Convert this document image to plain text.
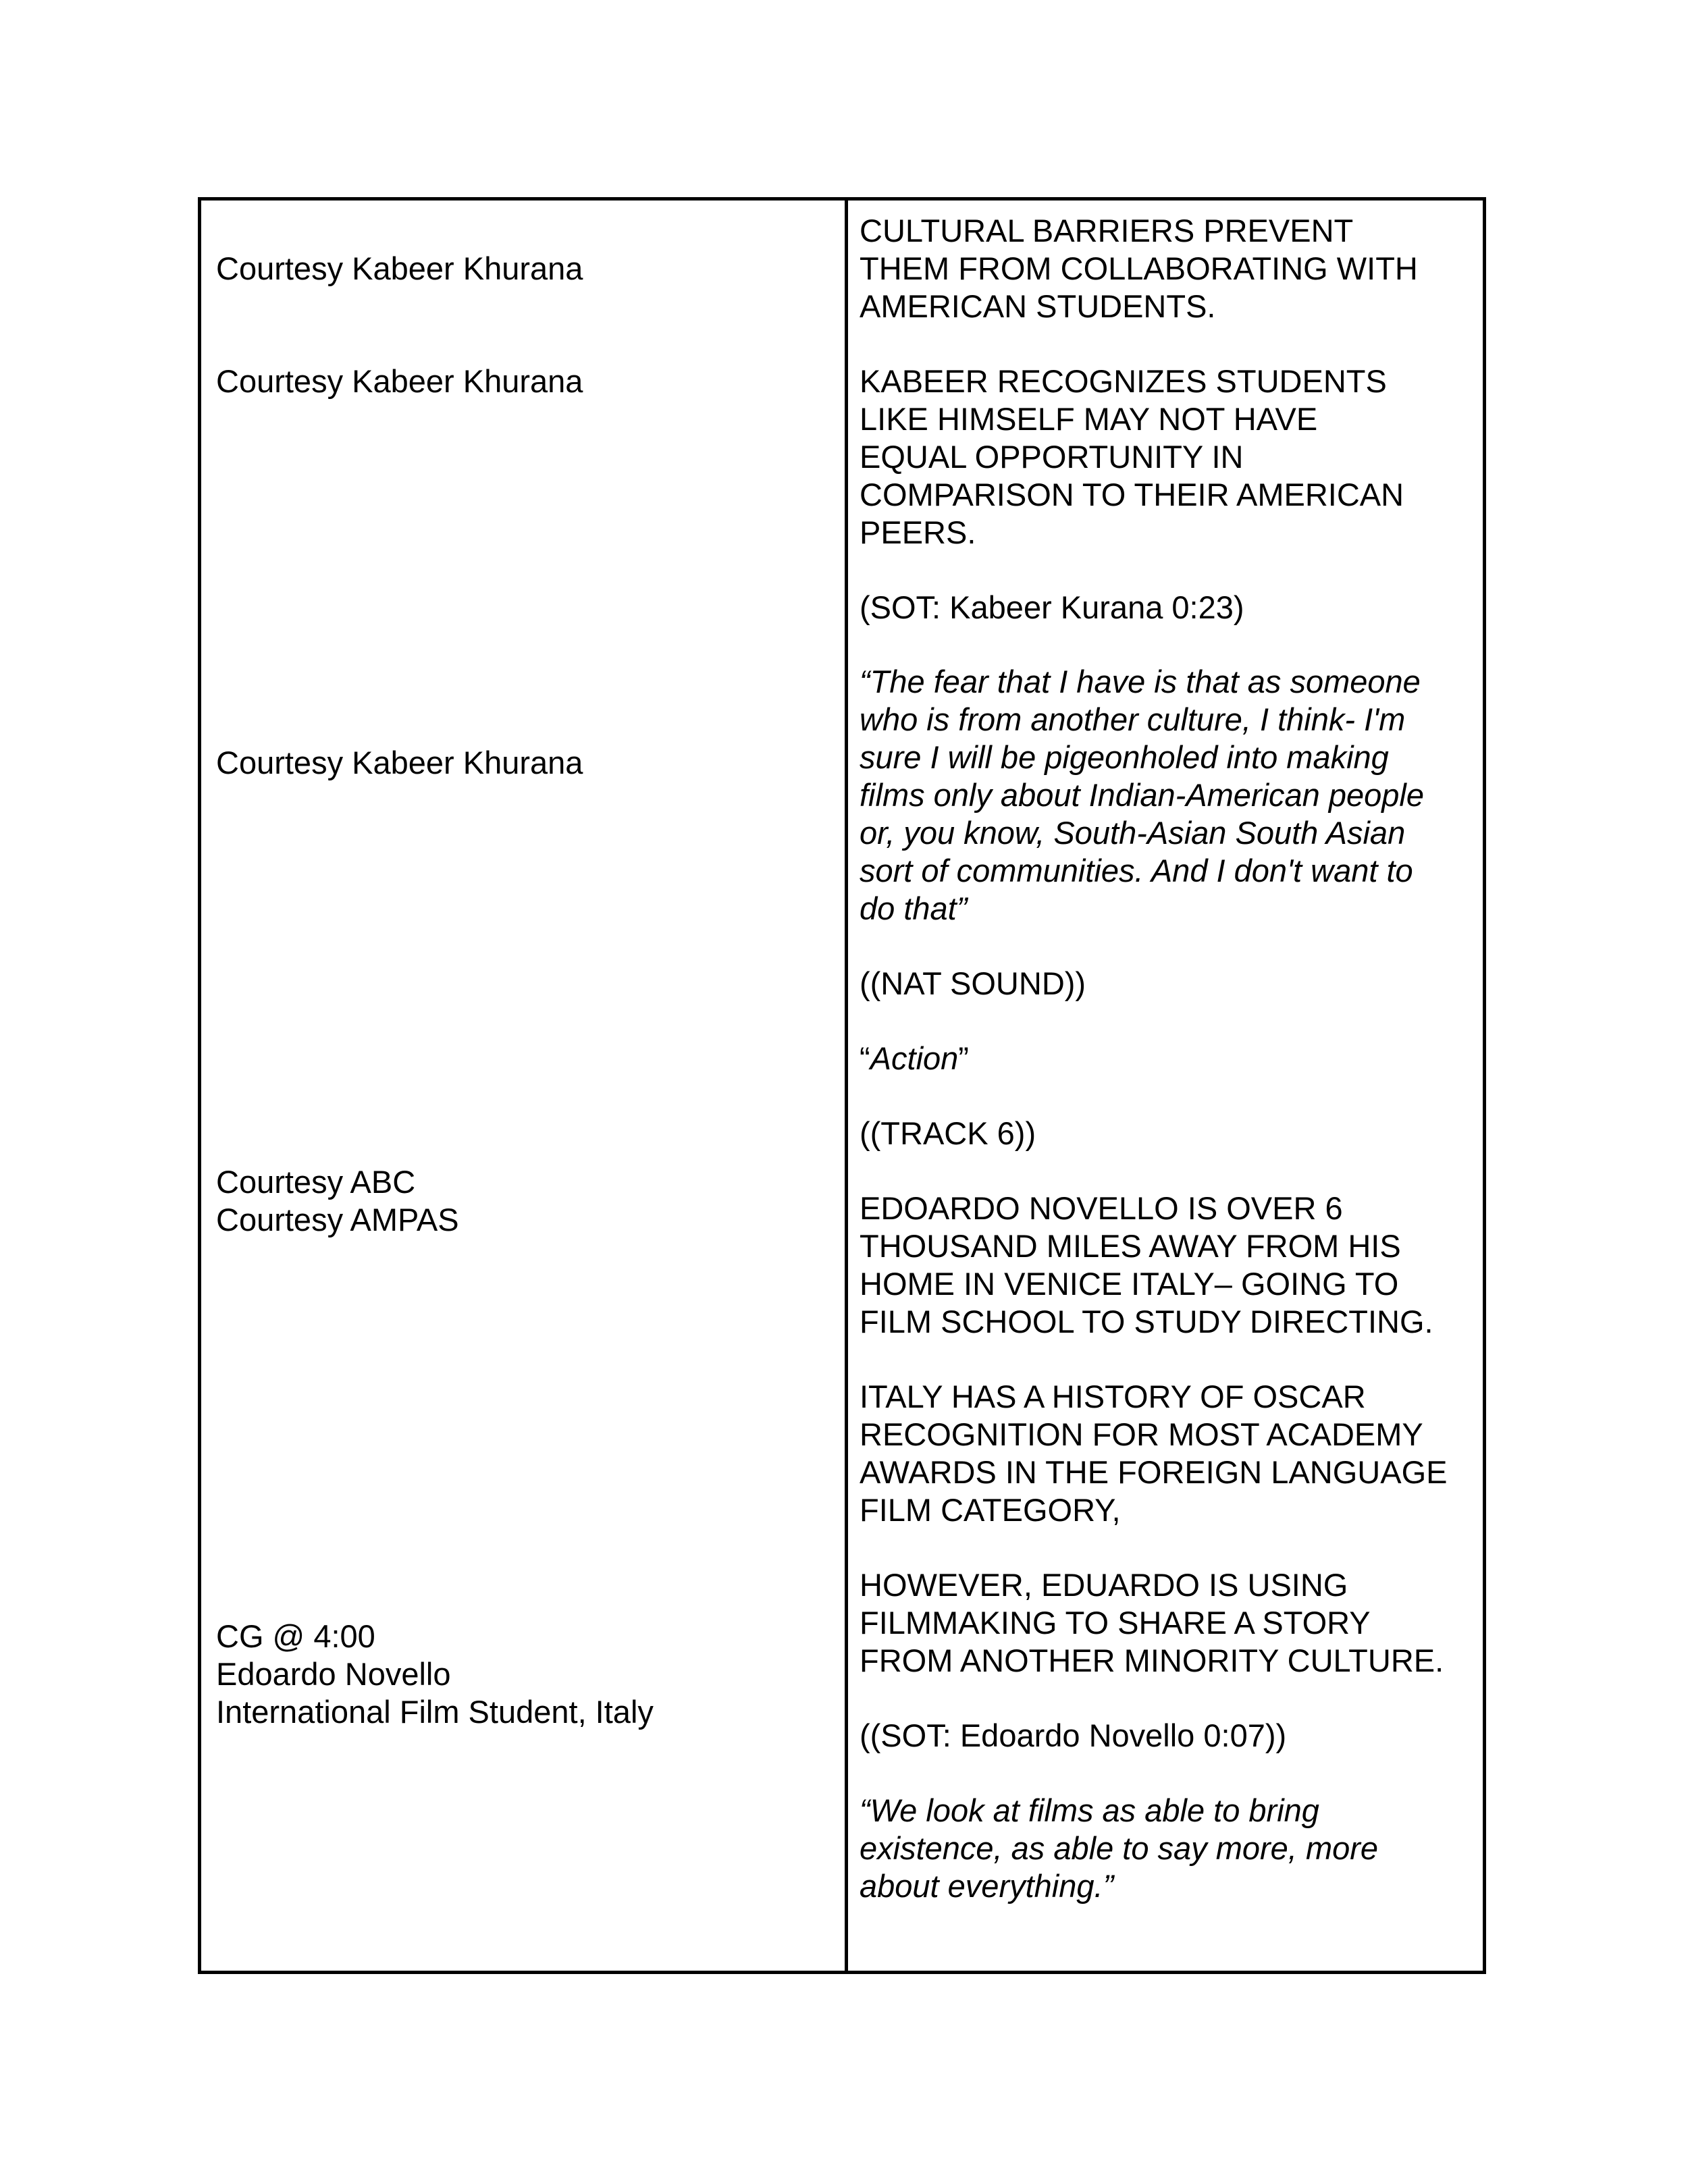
Courtesy Kabeer Khurana

Courtesy Kabeer Khurana

Courtesy Kabeer Khurana

Courtesy ABC

Courtesy AMPAS

CG @ 4:00

Edoardo Novello

International Film Student, Italy

CULTURAL BARRIERS PREVENT

THEM FROM COLLABORATING WITH

AMERICAN STUDENTS.

KABEER RECOGNIZES STUDENTS

LIKE HIMSELF MAY NOT HAVE

EQUAL OPPORTUNITY IN

COMPARISON TO THEIR AMERICAN

PEERS.

(SOT: Kabeer Kurana 0:23)

“The fear that I have is that as someone

who is from another culture, I think- I'm

sure I will be pigeonholed into making

films only about Indian-American people

or, you know, South-Asian South Asian

sort of communities. And I don't want to

do that”

((NAT SOUND))

“Action”

((TRACK 6))

EDOARDO NOVELLO IS OVER 6

THOUSAND MILES AWAY FROM HIS

HOME IN VENICE ITALY– GOING TO

FILM SCHOOL TO STUDY DIRECTING.

ITALY HAS A HISTORY OF OSCAR

RECOGNITION FOR MOST ACADEMY

AWARDS IN THE FOREIGN LANGUAGE

FILM CATEGORY,

HOWEVER, EDUARDO IS USING

FILMMAKING TO SHARE A STORY

FROM ANOTHER MINORITY CULTURE.

((SOT: Edoardo Novello 0:07))

“We look at films as able to bring

existence, as able to say more, more

about everything.”
